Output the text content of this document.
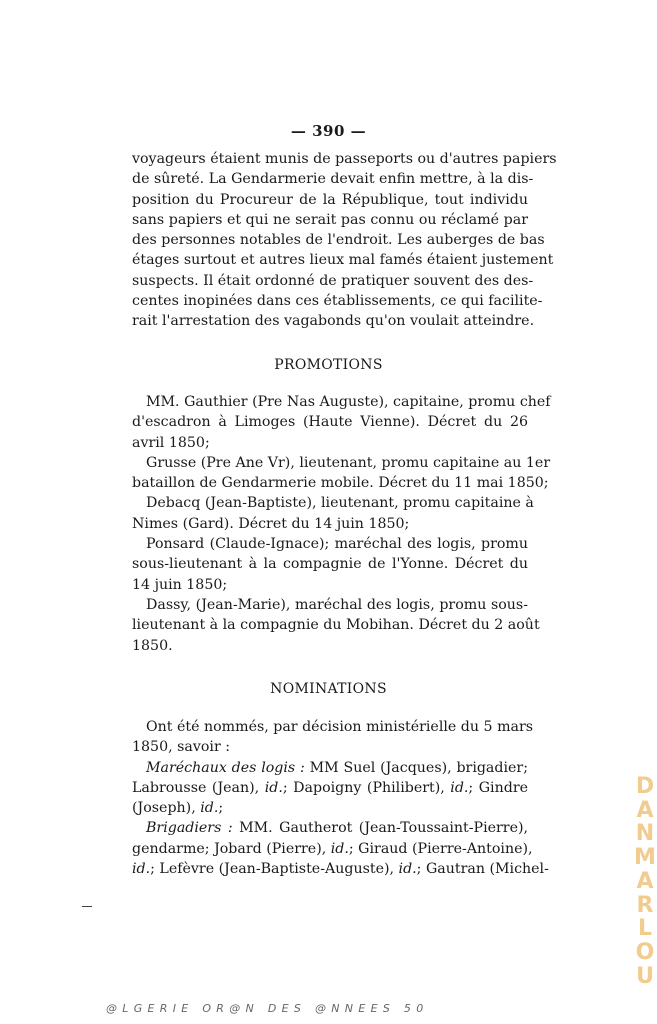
— 390 —
voyageurs étaient munis de passeports ou d'autres papiers
de sûreté. La Gendarmerie devait enfin mettre, à la dis-
position du Procureur de la République, tout individu
sans papiers et qui ne serait pas connu ou réclamé par
des personnes notables de l'endroit. Les auberges de bas
étages surtout et autres lieux mal famés étaient justement
suspects. Il était ordonné de pratiquer souvent des des-
centes inopinées dans ces établissements, ce qui facilite-
rait l'arrestation des vagabonds qu'on voulait atteindre.
PROMOTIONS
MM. Gauthier (Pre Nas Auguste), capitaine, promu chef
d'escadron à Limoges (Haute Vienne). Décret du 26
avril 1850;
Grusse (Pre Ane Vr), lieutenant, promu capitaine au 1er
bataillon de Gendarmerie mobile. Décret du 11 mai 1850;
Debacq (Jean-Baptiste), lieutenant, promu capitaine à
Nimes (Gard). Décret du 14 juin 1850;
Ponsard (Claude-Ignace); maréchal des logis, promu
sous-lieutenant à la compagnie de l'Yonne. Décret du
14 juin 1850;
Dassy, (Jean-Marie), maréchal des logis, promu sous-
lieutenant à la compagnie du Mobihan. Décret du 2 août
1850.
NOMINATIONS
Ont été nommés, par décision ministérielle du 5 mars
1850, savoir :
Maréchaux des logis : MM Suel (Jacques), brigadier;
Labrousse (Jean), id.; Dapoigny (Philibert), id.; Gindre
(Joseph), id.;
Brigadiers : MM. Gautherot (Jean-Toussaint-Pierre),
gendarme; Jobard (Pierre), id.; Giraud (Pierre-Antoine),
id.; Lefèvre (Jean-Baptiste-Auguste), id.; Gautran (Michel-
D
A
N
M
A
R
L
O
U
@LGERIE OR@N DES @NNEES 50
